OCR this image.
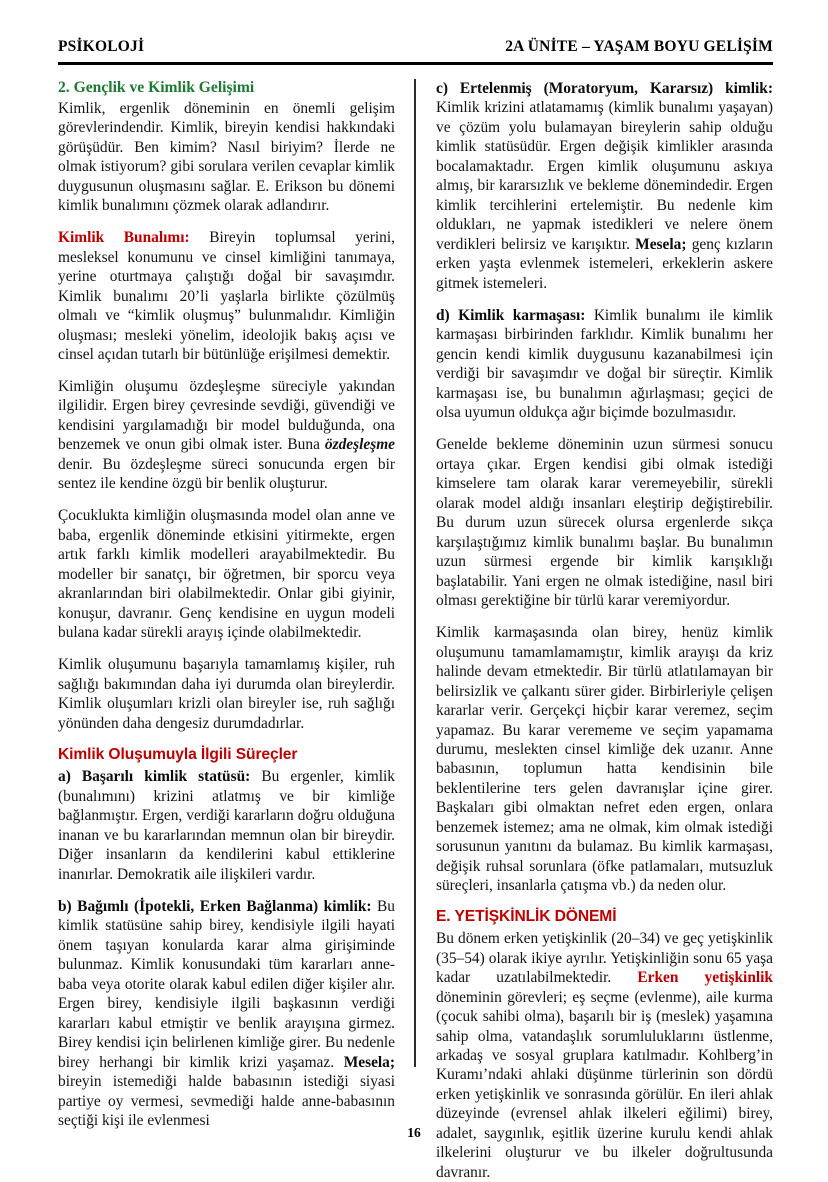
PSİKOLOJİ	2A ÜNİTE – YAŞAM BOYU GELİŞİM
2. Gençlik ve Kimlik Gelişimi

Kimlik, ergenlik döneminin en önemli gelişim görevlerindendir. Kimlik, bireyin kendisi hakkındaki görüşüdür. Ben kimim? Nasıl biriyim? İlerde ne olmak istiyorum? gibi sorulara verilen cevaplar kimlik duygusunun oluşmasını sağlar. E. Erikson bu dönemi kimlik bunalımını çözmek olarak adlandırır.

Kimlik Bunalımı: Bireyin toplumsal yerini, mesleksel konumunu ve cinsel kimliğini tanımaya, yerine oturtmaya çalıştığı doğal bir savaşımdır. Kimlik bunalımı 20’li yaşlarla birlikte çözülmüş olmalı ve “kimlik oluşmuş” bulunmalıdır. Kimliğin oluşması; mesleki yönelim, ideolojik bakış açısı ve cinsel açıdan tutarlı bir bütünlüğe erişilmesi demektir.

Kimliğin oluşumu özdeşleşme süreciyle yakından ilgilidir. Ergen birey çevresinde sevdiği, güvendiği ve kendisini yargılamadığı bir model bulduğunda, ona benzemek ve onun gibi olmak ister. Buna özdeşleşme denir. Bu özdeşleşme süreci sonucunda ergen bir sentez ile kendine özgü bir benlik oluşturur.

Çocuklukta kimliğin oluşmasında model olan anne ve baba, ergenlik döneminde etkisini yitirmekte, ergen artık farklı kimlik modelleri arayabilmektedir. Bu modeller bir sanatçı, bir öğretmen, bir sporcu veya akranlarından biri olabilmektedir. Onlar gibi giyinir, konuşur, davranır. Genç kendisine en uygun modeli bulana kadar sürekli arayış içinde olabilmektedir.

Kimlik oluşumunu başarıyla tamamlamış kişiler, ruh sağlığı bakımından daha iyi durumda olan bireylerdir. Kimlik oluşumları krizli olan bireyler ise, ruh sağlığı yönünden daha dengesiz durumdadırlar.

Kimlik Oluşumuyla İlgili Süreçler

a) Başarılı kimlik statüsü: Bu ergenler, kimlik (bunalımını) krizini atlatmış ve bir kimliğe bağlanmıştır. Ergen, verdiği kararların doğru olduğuna inanan ve bu kararlarından memnun olan bir bireydir. Diğer insanların da kendilerini kabul ettiklerine inanırlar. Demokratik aile ilişkileri vardır.

b) Bağımlı (İpotekli, Erken Bağlanma) kimlik: Bu kimlik statüsüne sahip birey, kendisiyle ilgili hayati önem taşıyan konularda karar alma girişiminde bulunmaz. Kimlik konusundaki tüm kararları anne-baba veya otorite olarak kabul edilen diğer kişiler alır. Ergen birey, kendisiyle ilgili başkasının verdiği kararları kabul etmiştir ve benlik arayışına girmez. Birey kendisi için belirlenen kimliğe girer. Bu nedenle birey herhangi bir kimlik krizi yaşamaz. Mesela; bireyin istemediği halde babasının istediği siyasi partiye oy vermesi, sevmediği halde anne-babasının seçtiği kişi ile evlenmesi

c) Ertelenmiş (Moratoryum, Kararsız) kimlik: Kimlik krizini atlatamamış (kimlik bunalımı yaşayan) ve çözüm yolu bulamayan bireylerin sahip olduğu kimlik statüsüdür. Ergen değişik kimlikler arasında bocalamaktadır. Ergen kimlik oluşumunu askıya almış, bir kararsızlık ve bekleme dönemindedir. Ergen kimlik tercihlerini ertelemiştir. Bu nedenle kim oldukları, ne yapmak istedikleri ve nelere önem verdikleri belirsiz ve karışıktır. Mesela; genç kızların erken yaşta evlenmek istemeleri, erkeklerin askere gitmek istemeleri.

d) Kimlik karmaşası: Kimlik bunalımı ile kimlik karmaşası birbirinden farklıdır. Kimlik bunalımı her gencin kendi kimlik duygusunu kazanabilmesi için verdiği bir savaşımdır ve doğal bir süreçtir. Kimlik karmaşası ise, bu bunalımın ağırlaşması; geçici de olsa uyumun oldukça ağır biçimde bozulmasıdır.

Genelde bekleme döneminin uzun sürmesi sonucu ortaya çıkar. Ergen kendisi gibi olmak istediği kimselere tam olarak karar veremeyebilir, sürekli olarak model aldığı insanları eleştirip değiştirebilir. Bu durum uzun sürecek olursa ergenlerde sıkça karşılaştığımız kimlik bunalımı başlar. Bu bunalımın uzun sürmesi ergende bir kimlik karışıklığı başlatabilir. Yani ergen ne olmak istediğine, nasıl biri olması gerektiğine bir türlü karar veremiyordur.

Kimlik karmaşasında olan birey, henüz kimlik oluşumunu tamamlamamıştır, kimlik arayışı da kriz halinde devam etmektedir. Bir türlü atlatılamayan bir belirsizlik ve çalkantı sürer gider. Birbirleriyle çelişen kararlar verir. Gerçekçi hiçbir karar veremez, seçim yapamaz. Bu karar verememe ve seçim yapamama durumu, meslekten cinsel kimliğe dek uzanır. Anne babasının, toplumun hatta kendisinin bile beklentilerine ters gelen davranışlar içine girer. Başkaları gibi olmaktan nefret eden ergen, onlara benzemek istemez; ama ne olmak, kim olmak istediği sorusunun yanıtını da bulamaz. Bu kimlik karmaşası, değişik ruhsal sorunlara (öfke patlamaları, mutsuzluk süreçleri, insanlarla çatışma vb.) da neden olur.

E. YETİŞKİNLİK DÖNEMİ

Bu dönem erken yetişkinlik (20–34) ve geç yetişkinlik (35–54) olarak ikiye ayrılır. Yetişkinliğin sonu 65 yaşa kadar uzatılabilmektedir. Erken yetişkinlik döneminin görevleri; eş seçme (evlenme), aile kurma (çocuk sahibi olma), başarılı bir iş (meslek) yaşamına sahip olma, vatandaşlık sorumluluklarını üstlenme, arkadaş ve sosyal gruplara katılmadır. Kohlberg’in Kuramı’ndaki ahlaki düşünme türlerinin son dördü erken yetişkinlik ve sonrasında görülür. En ileri ahlak düzeyinde (evrensel ahlak ilkeleri eğilimi) birey, adalet, saygınlık, eşitlik üzerine kurulu kendi ahlak ilkelerini oluşturur ve bu ilkeler doğrultusunda davranır.

16
